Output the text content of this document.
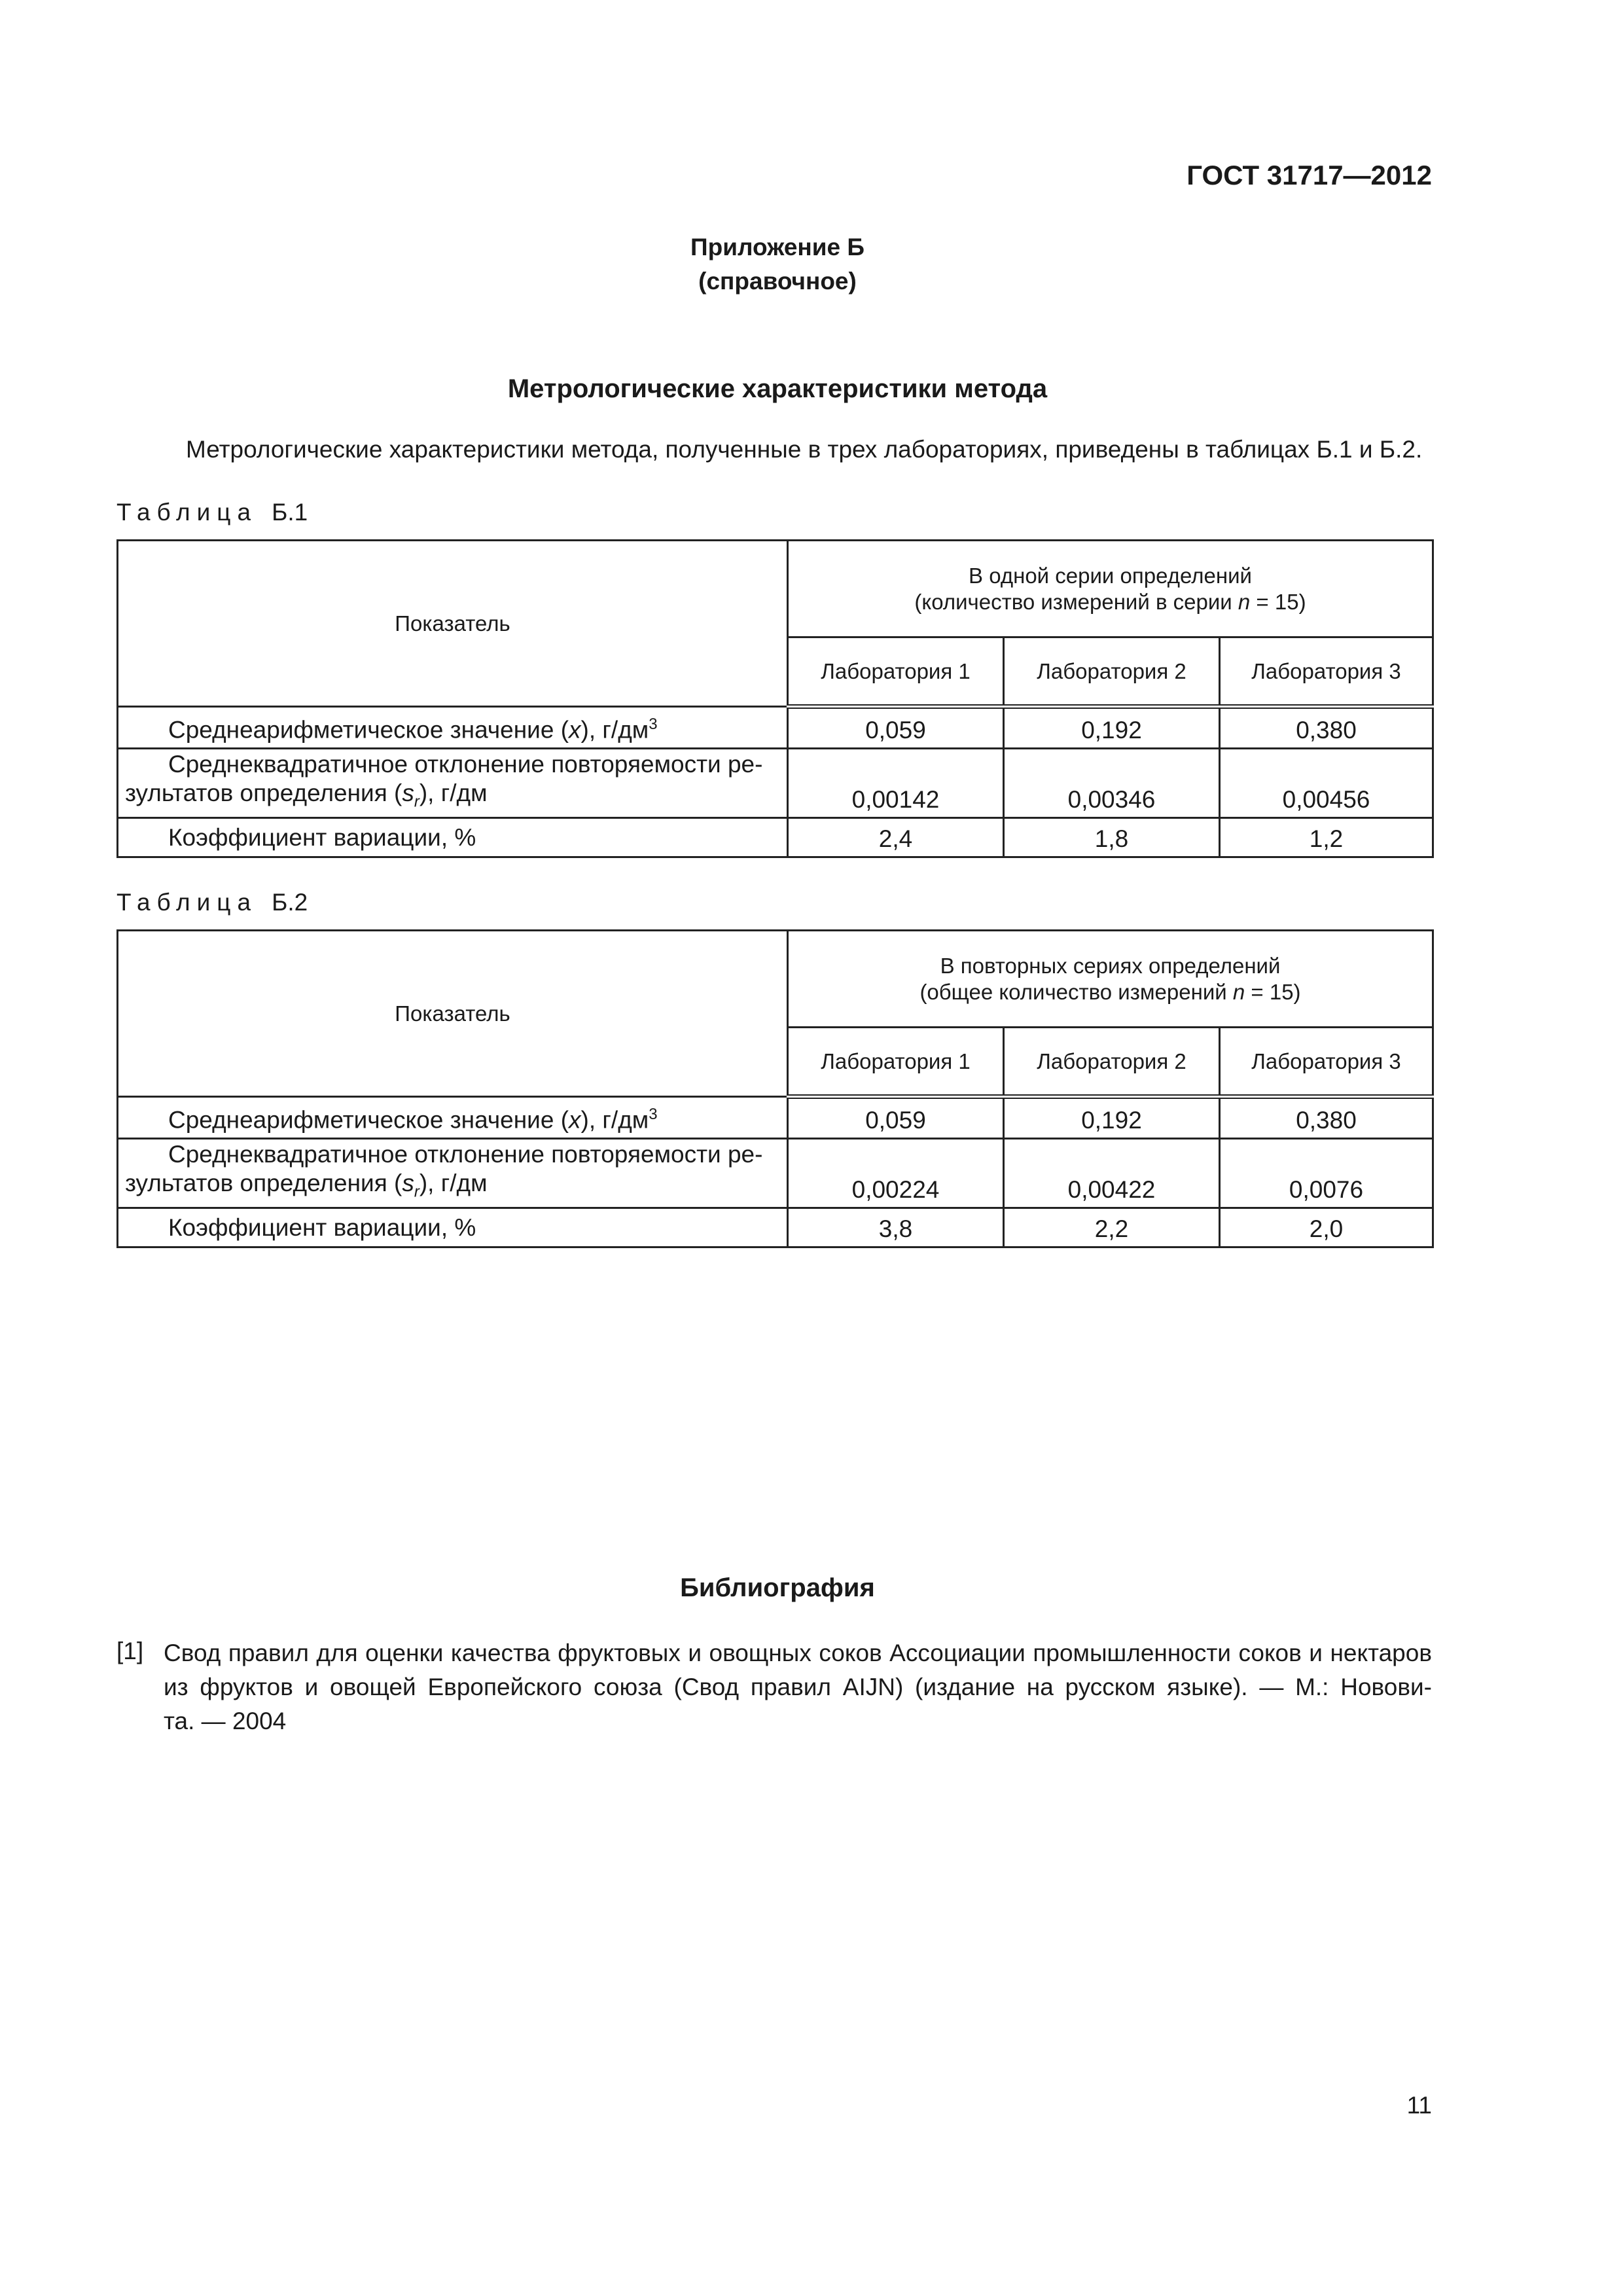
ГОСТ 31717—2012
Приложение Б
(справочное)
Метрологические характеристики метода
Метрологические характеристики метода, полученные в трех лабораториях, приведены в таблицах Б.1 и Б.2.
Таблица Б.1
Показатель	В одной серии определений
(количество измерений в серии n = 15)		

	Лаборатория 1	Лаборатория 2	Лаборатория 3
Среднеарифметическое значение (x), $г/дм^3$	0,059	0,192	0,380

Среднеквадратичное отклонение повторяемости ре-
зультатов определения $(s_r)$, г/дм	0,00142	0,00346	0,00456
Коэффициент вариации, %	2,4	1,8	1,2
Таблица Б.2
Показатель	В повторных сериях определений
(общее количество измерений n = 15)		

	Лаборатория 1	Лаборатория 2	Лаборатория 3
Среднеарифметическое значение (x), $г/дм^3$	0,059	0,192	0,380

Среднеквадратичное отклонение повторяемости ре-
зультатов определения $(s_r)$, г/дм	0,00224	0,00422	0,0076
Коэффициент вариации, %	3,8	2,2	2,0
Библиография
[1] Свод правил для оценки качества фруктовых и овощных соков Ассоциации промышленности соков и нектаров
из фруктов и овощей Европейского союза (Свод правил AIJN) (издание на русском языке). — М.: Новови-
та. — 2004
11
